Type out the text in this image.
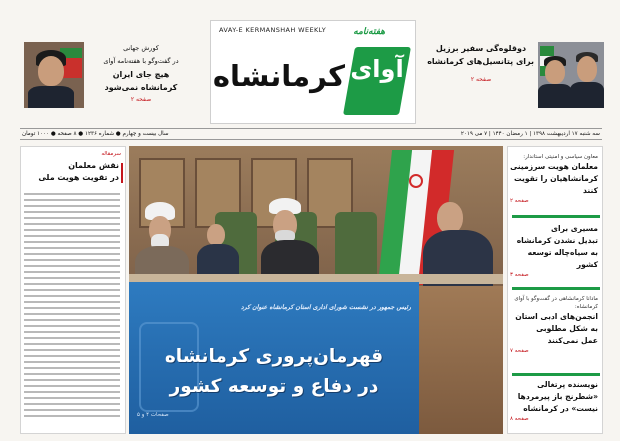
کورش جهانی
در گفت‌وگو با هفته‌نامه آوای
هیچ جای ایران
کرمانشاه نمی‌شود
صفحه ۲
AVAY-E KERMANSHAH WEEKLY	هفته‌نامه
آوای
کرمانشاه
دوقلوه‌گی سفیر برزیل
برای پتانسیل‌های کرمانشاه
صفحه ۲
سه شنبه ۱۷ اردیبهشت ۱۳۹۸ | ۱ رمضان ۱۴۴۰ | ۷ می ۲۰۱۹
سال بیست و چهارم ● شماره ۱۲۳۶ ● ۸ صفحه ● ۱۰۰۰ تومان
سرمقاله
نقش معلمان
در تقویت هویت ملی
رئیس جمهور در نشست شورای اداری استان کرمانشاه عنوان کرد
قهرمان‌پروری کرمانشاه
در دفاع و توسعه کشور
صفحات ۴ و ۵
معاون سیاسی و امنیتی استاندار:
معلمان هویت سرزمینی
کرمانشاهیان را تقویت کنند
صفحه ۲
مسیری برای
تبدیل نشدن کرمانشاه
به سیاه‌چاله توسعه کشور
صفحه ۳
مادانا کرمانشاهی در گفت‌وگو با آوای کرمانشاه:
انجمن‌های ادبی استان
به شکل مطلوبی
عمل نمی‌کنند
صفحه ۷
نویسنده پرتغالی
«شطرنج باز پیرمردها
نیست» در کرمانشاه
صفحه ۸
